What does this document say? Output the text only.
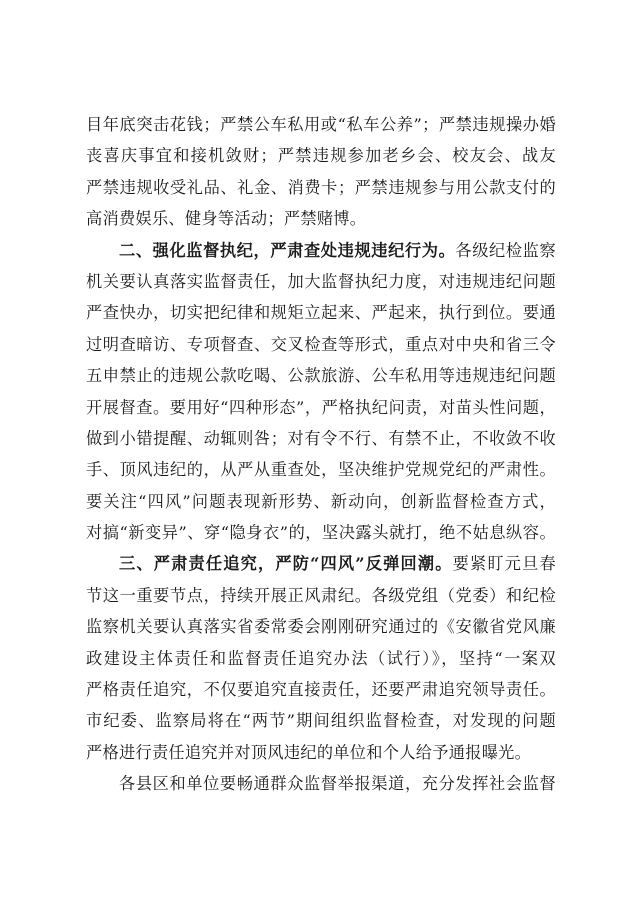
目年底突击花钱；严禁公车私用或“私车公养”；严禁违规操办婚
丧喜庆事宜和接机敛财；严禁违规参加老乡会、校友会、战友
严禁违规收受礼品、礼金、消费卡；严禁违规参与用公款支付的
高消费娱乐、健身等活动；严禁赌博。
二、强化监督执纪，严肃查处违规违纪行为。各级纪检监察
机关要认真落实监督责任，加大监督执纪力度，对违规违纪问题
严查快办，切实把纪律和规矩立起来、严起来，执行到位。要通
过明查暗访、专项督查、交叉检查等形式，重点对中央和省三令
五申禁止的违规公款吃喝、公款旅游、公车私用等违规违纪问题
开展督查。要用好“四种形态”，严格执纪问责，对苗头性问题，
做到小错提醒、动辄则咎；对有令不行、有禁不止，不收敛不收
手、顶风违纪的，从严从重查处，坚决维护党规党纪的严肃性。
要关注“四风”问题表现新形势、新动向，创新监督检查方式，
对搞“新变异”、穿“隐身衣”的，坚决露头就打，绝不姑息纵容。
三、严肃责任追究，严防“四风”反弹回潮。要紧盯元旦春
节这一重要节点，持续开展正风肃纪。各级党组（党委）和纪检
监察机关要认真落实省委常委会刚刚研究通过的《安徽省党风廉
政建设主体责任和监督责任追究办法（试行）》，坚持“一案双
严格责任追究，不仅要追究直接责任，还要严肃追究领导责任。
市纪委、监察局将在“两节”期间组织监督检查，对发现的问题
严格进行责任追究并对顶风违纪的单位和个人给予通报曝光。
各县区和单位要畅通群众监督举报渠道，充分发挥社会监督
